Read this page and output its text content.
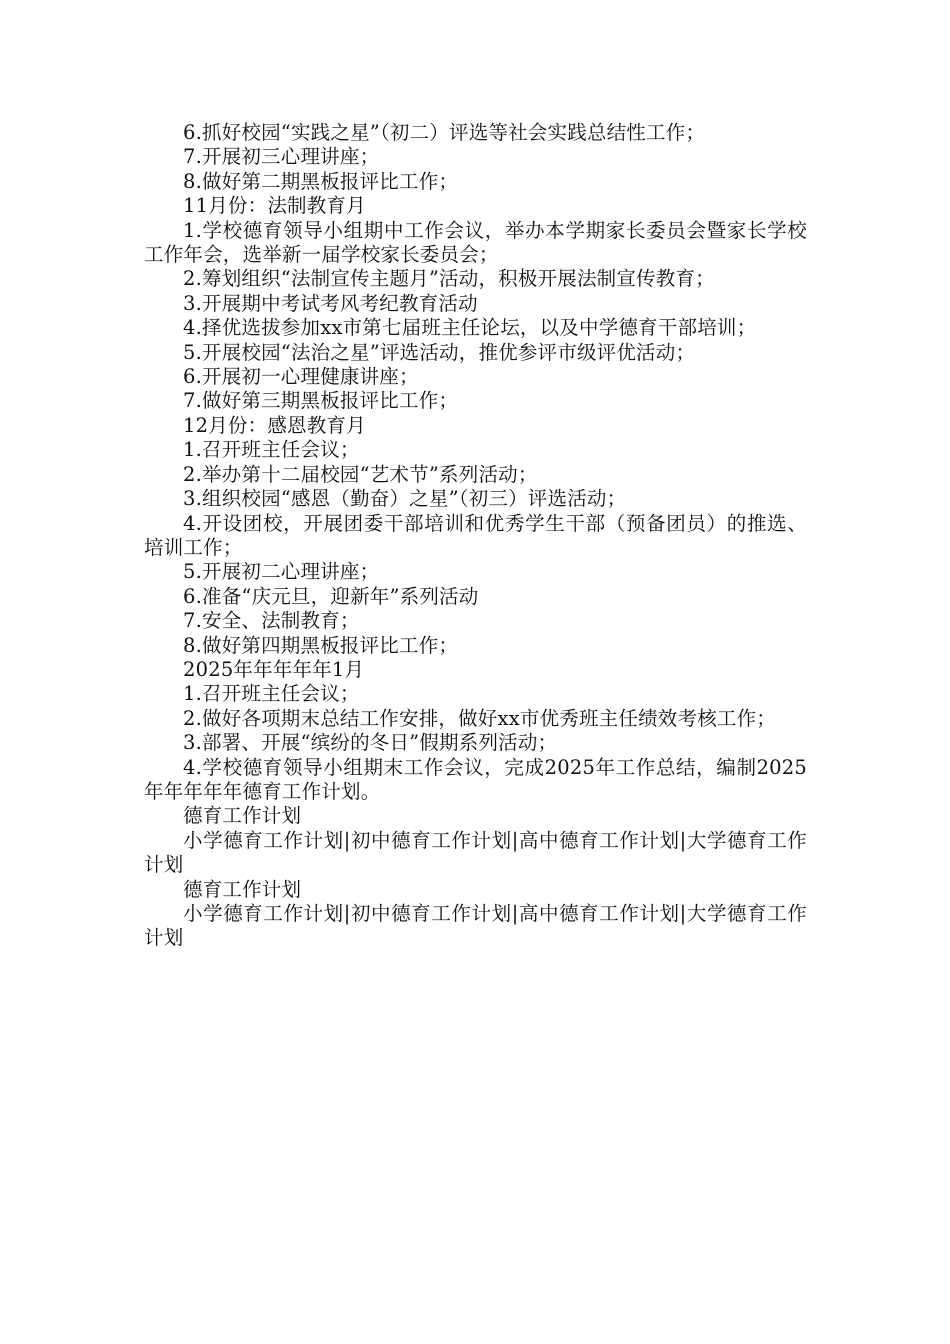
6.抓好校园“实践之星”（初二）评选等社会实践总结性工作；

7.开展初三心理讲座；

8.做好第二期黑板报评比工作；

11月份：法制教育月

1.学校德育领导小组期中工作会议，举办本学期家长委员会暨家长学校工作年会，选举新一届学校家长委员会；

2.筹划组织“法制宣传主题月”活动，积极开展法制宣传教育；

3.开展期中考试考风考纪教育活动

4.择优选拔参加xx市第七届班主任论坛，以及中学德育干部培训；

5.开展校园“法治之星”评选活动，推优参评市级评优活动；

6.开展初一心理健康讲座；

7.做好第三期黑板报评比工作；

12月份：感恩教育月

1.召开班主任会议；

2.举办第十二届校园“艺术节”系列活动；

3.组织校园“感恩（勤奋）之星”（初三）评选活动；

4.开设团校，开展团委干部培训和优秀学生干部（预备团员）的推选、培训工作；

5.开展初二心理讲座；

6.准备“庆元旦，迎新年”系列活动

7.安全、法制教育；

8.做好第四期黑板报评比工作；

2025年年年年年1月

1.召开班主任会议；

2.做好各项期末总结工作安排，做好xx市优秀班主任绩效考核工作；

3.部署、开展“缤纷的冬日”假期系列活动；

4.学校德育领导小组期末工作会议，完成2025年工作总结，编制2025年年年年年德育工作计划。

德育工作计划

小学德育工作计划|初中德育工作计划|高中德育工作计划|大学德育工作计划

德育工作计划

小学德育工作计划|初中德育工作计划|高中德育工作计划|大学德育工作计划
